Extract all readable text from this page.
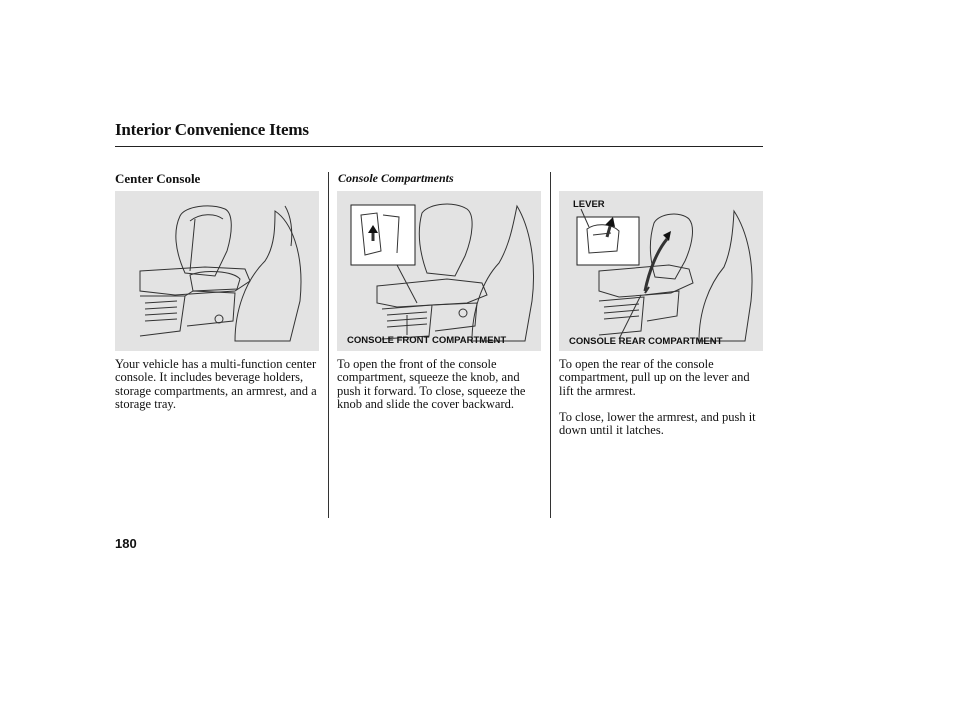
Interior Convenience Items
Center Console
Your vehicle has a multi-function center console. It includes beverage holders, storage compartments, an armrest, and a storage tray.
Console Compartments
CONSOLE FRONT COMPARTMENT
To open the front of the console compartment, squeeze the knob, and push it forward. To close, squeeze the knob and slide the cover backward.
LEVER
CONSOLE REAR COMPARTMENT
To open the rear of the console compartment, pull up on the lever and lift the armrest.
To close, lower the armrest, and push it down until it latches.
180
